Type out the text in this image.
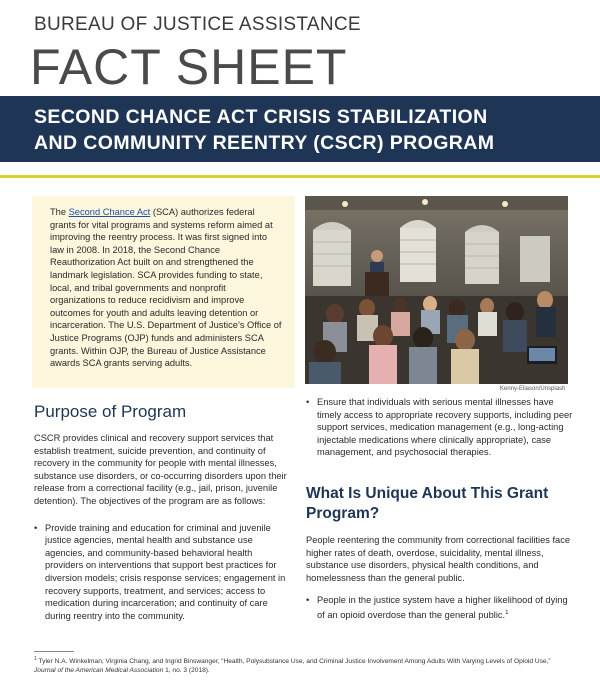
BUREAU OF JUSTICE ASSISTANCE
FACT SHEET
SECOND CHANCE ACT CRISIS STABILIZATION
AND COMMUNITY REENTRY (CSCR) PROGRAM
The Second Chance Act (SCA) authorizes federal grants for vital programs and systems reform aimed at improving the reentry process. It was first signed into law in 2008. In 2018, the Second Chance Reauthorization Act built on and strengthened the landmark legislation. SCA provides funding to state, local, and tribal governments and nonprofit organizations to reduce recidivism and improve outcomes for youth and adults leaving detention or incarceration. The U.S. Department of Justice’s Office of Justice Programs (OJP) funds and administers SCA grants. Within OJP, the Bureau of Justice Assistance awards SCA grants serving adults.
Kenny-Eliason/Unsplash
Purpose of Program

CSCR provides clinical and recovery support services that establish treatment, suicide prevention, and continuity of recovery in the community for people with mental illnesses, substance use disorders, or co-occurring disorders upon their release from a correctional facility (e.g., jail, prison, juvenile detention). The objectives of the program are as follows:

• Provide training and education for criminal and juvenile justice agencies, mental health and substance use agencies, and community-based behavioral health providers on interventions that support best practices for diversion models; crisis response services; engagement in recovery supports, treatment, and services; access to medication during incarceration; and continuity of care during reentry into the community.
• Ensure that individuals with serious mental illnesses have timely access to appropriate recovery supports, including peer support services, medication management (e.g., long-acting injectable medications where clinically appropriate), case management, and psychosocial therapies.
What Is Unique About This Grant Program?

People reentering the community from correctional facilities face higher rates of death, overdose, suicidality, mental illness, substance use disorders, physical health conditions, and homelessness than the general public.

• People in the justice system have a higher likelihood of dying of an opioid overdose than the general public.$^1$
$^1$ Tyler N.A. Winkelman, Virginia Chang, and Ingrid Binswanger, “Health, Polysubstance Use, and Criminal Justice Involvement Among Adults With Varying Levels of Opioid Use,” Journal of the American Medical Association 1, no. 3 (2018).
